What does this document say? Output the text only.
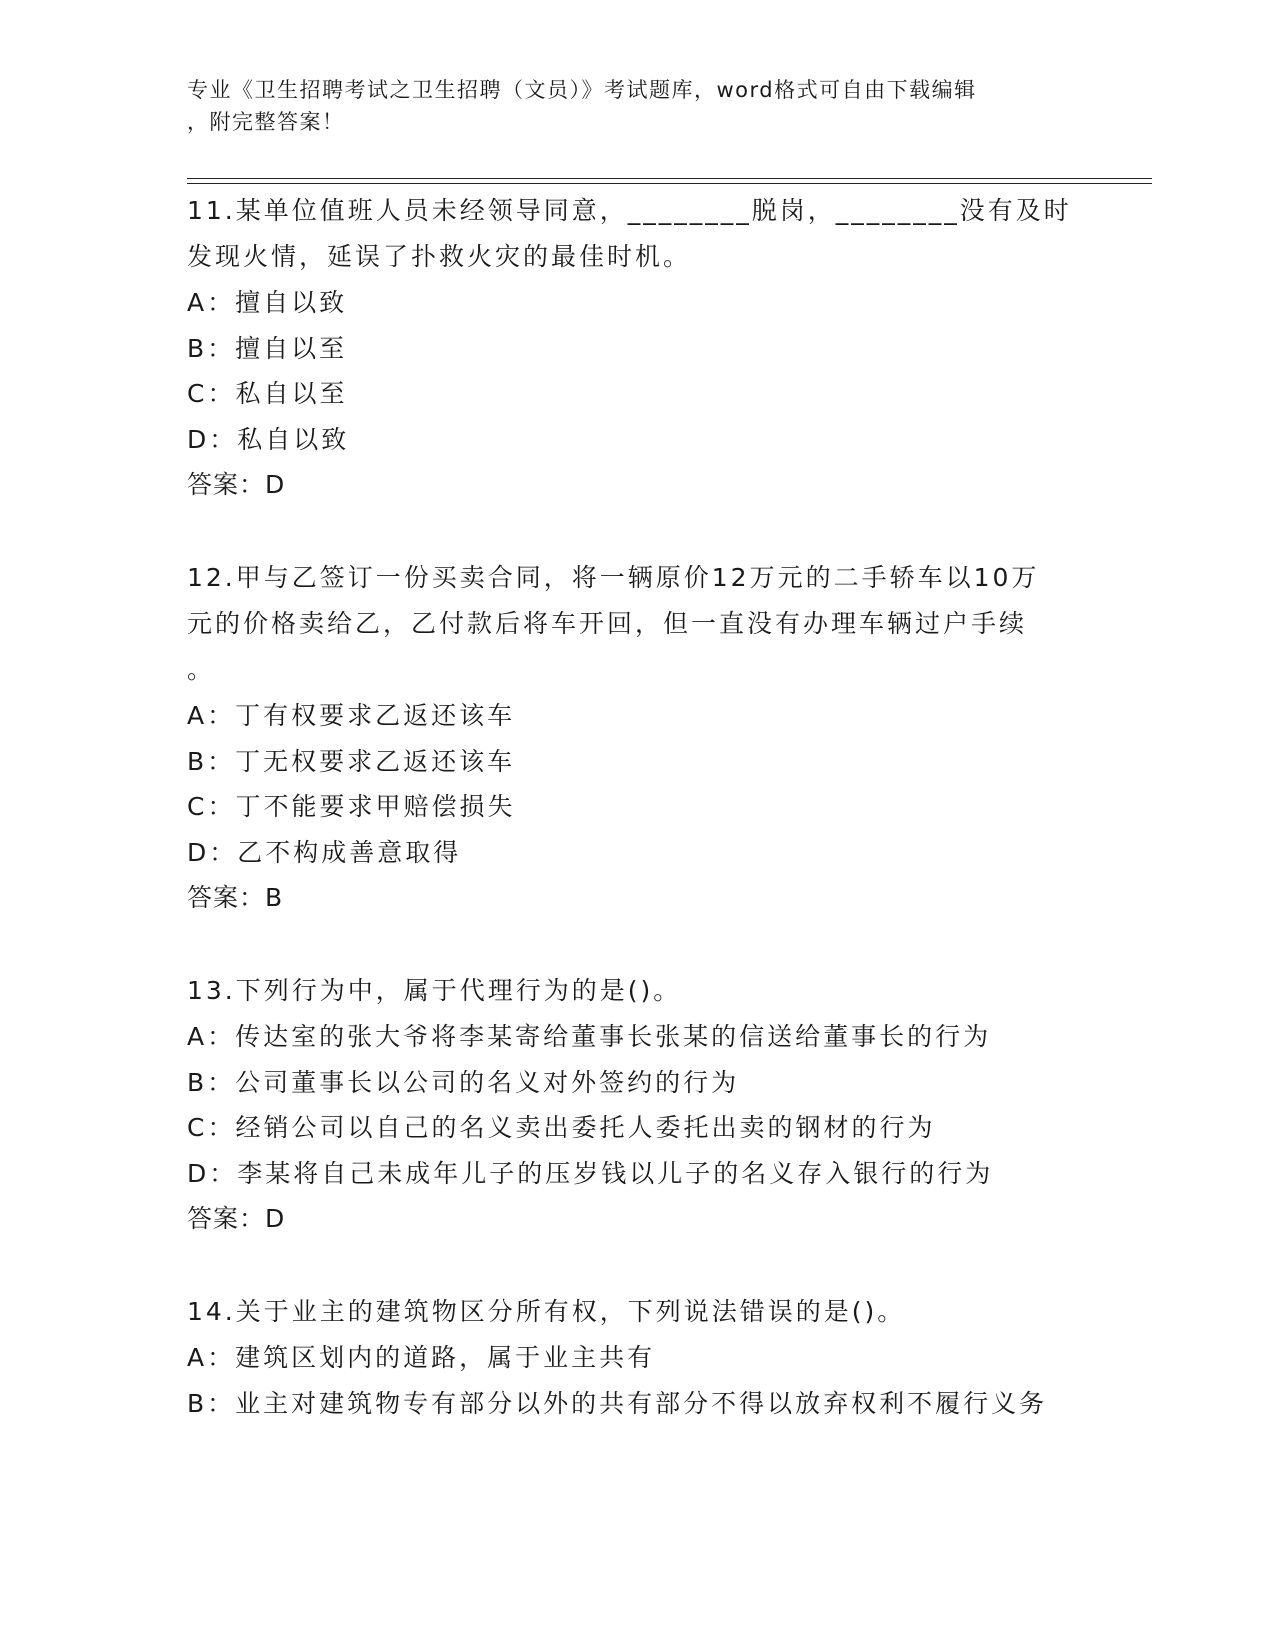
专业《卫生招聘考试之卫生招聘（文员）》考试题库，word格式可自由下载编辑
，附完整答案！
11.某单位值班人员未经领导同意，________脱岗，________没有及时
发现火情，延误了扑救火灾的最佳时机。
A：擅自以致
B：擅自以至
C：私自以至
D：私自以致
答案：D
12.甲与乙签订一份买卖合同，将一辆原价12万元的二手轿车以10万
元的价格卖给乙，乙付款后将车开回，但一直没有办理车辆过户手续
。
A：丁有权要求乙返还该车
B：丁无权要求乙返还该车
C：丁不能要求甲赔偿损失
D：乙不构成善意取得
答案：B
13.下列行为中，属于代理行为的是()。
A：传达室的张大爷将李某寄给董事长张某的信送给董事长的行为
B：公司董事长以公司的名义对外签约的行为
C：经销公司以自己的名义卖出委托人委托出卖的钢材的行为
D：李某将自己未成年儿子的压岁钱以儿子的名义存入银行的行为
答案：D
14.关于业主的建筑物区分所有权，下列说法错误的是()。
A：建筑区划内的道路，属于业主共有
B：业主对建筑物专有部分以外的共有部分不得以放弃权利不履行义务
